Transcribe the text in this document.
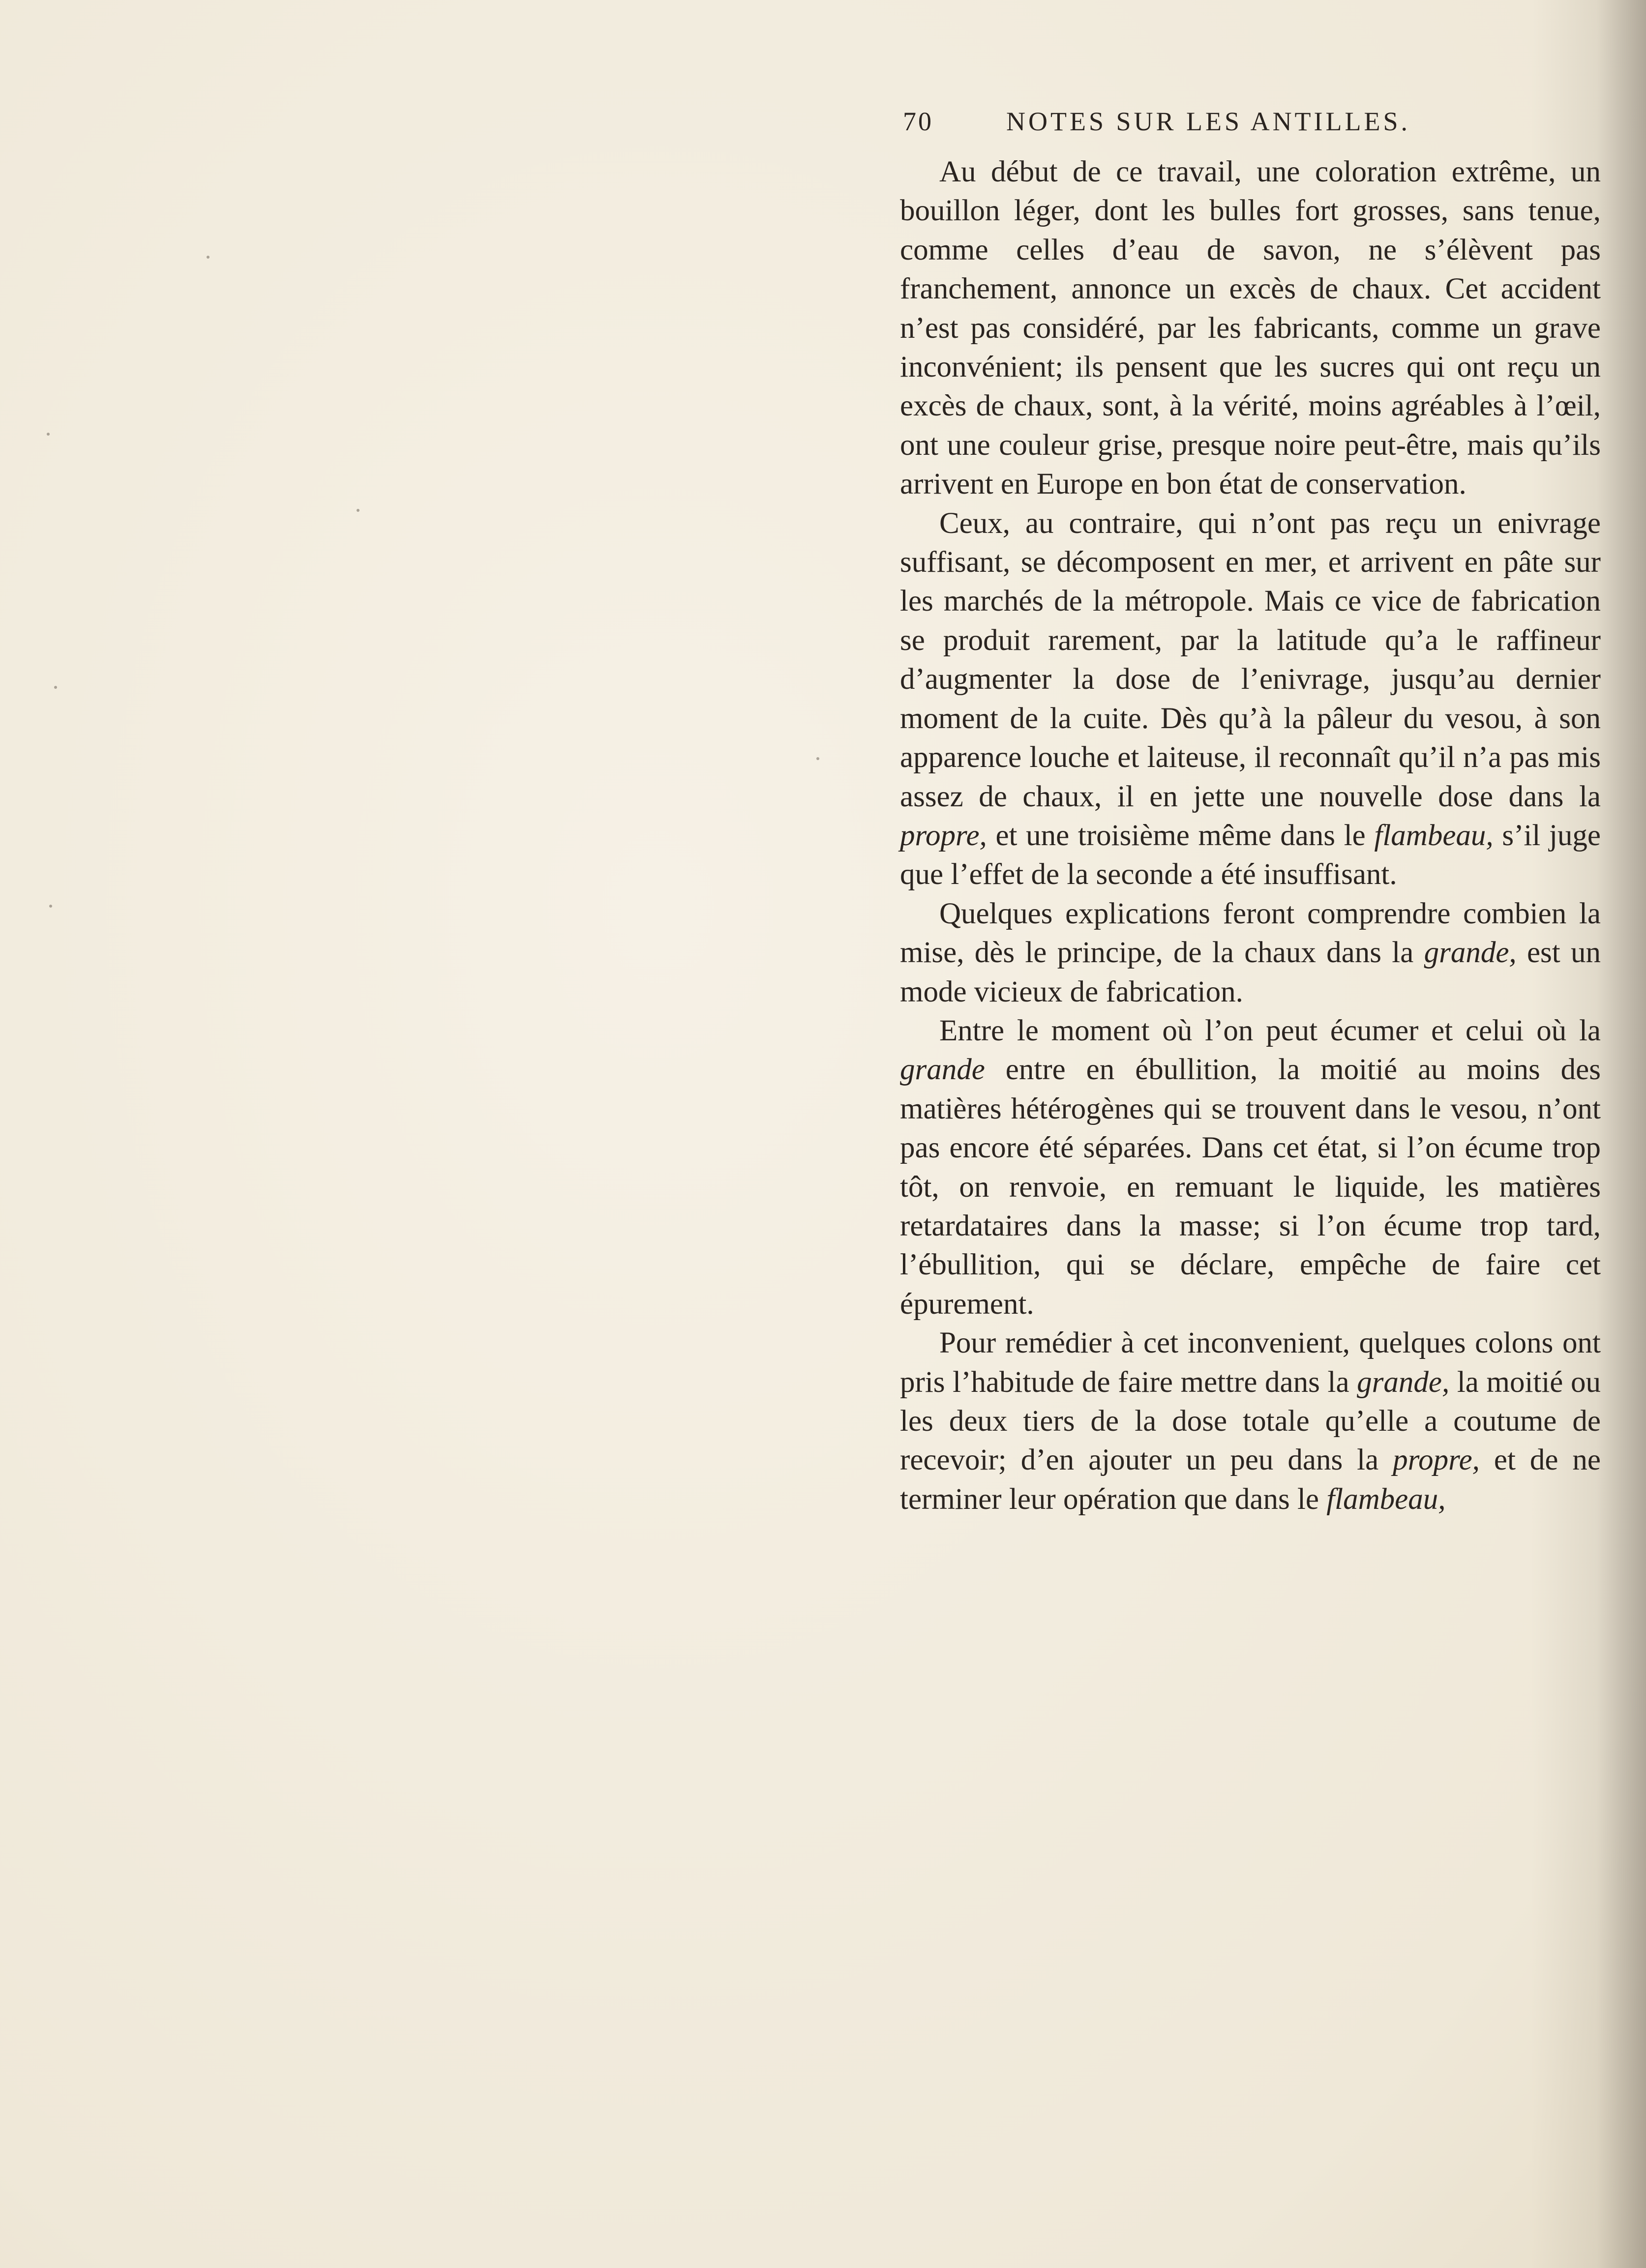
70	NOTES SUR LES ANTILLES.

Au début de ce travail, une coloration extrême, un bouillon léger, dont les bulles fort grosses, sans tenue, comme celles d’eau de savon, ne s’élèvent pas franchement, annonce un excès de chaux. Cet accident n’est pas considéré, par les fabricants, comme un grave inconvénient; ils pensent que les sucres qui ont reçu un excès de chaux, sont, à la vérité, moins agréables à l’œil, ont une couleur grise, presque noire peut-être, mais qu’ils arrivent en Europe en bon état de conservation.

Ceux, au contraire, qui n’ont pas reçu un enivrage suffisant, se décomposent en mer, et arrivent en pâte sur les marchés de la métropole. Mais ce vice de fabrication se produit rarement, par la latitude qu’a le raffineur d’augmenter la dose de l’enivrage, jusqu’au dernier moment de la cuite. Dès qu’à la pâleur du vesou, à son apparence louche et laiteuse, il reconnaît qu’il n’a pas mis assez de chaux, il en jette une nouvelle dose dans la propre, et une troisième même dans le flambeau, s’il juge que l’effet de la seconde a été insuffisant.

Quelques explications feront comprendre combien la mise, dès le principe, de la chaux dans la grande, est un mode vicieux de fabrication.

Entre le moment où l’on peut écumer et celui où la grande entre en ébullition, la moitié au moins des matières hétérogènes qui se trouvent dans le vesou, n’ont pas encore été séparées. Dans cet état, si l’on écume trop tôt, on renvoie, en remuant le liquide, les matières retardataires dans la masse; si l’on écume trop tard, l’ébullition, qui se déclare, empêche de faire cet épurement.

Pour remédier à cet inconvenient, quelques colons ont pris l’habitude de faire mettre dans la grande, la moitié ou les deux tiers de la dose totale qu’elle a coutume de recevoir; d’en ajouter un peu dans la propre, et de ne terminer leur opération que dans le flambeau,
